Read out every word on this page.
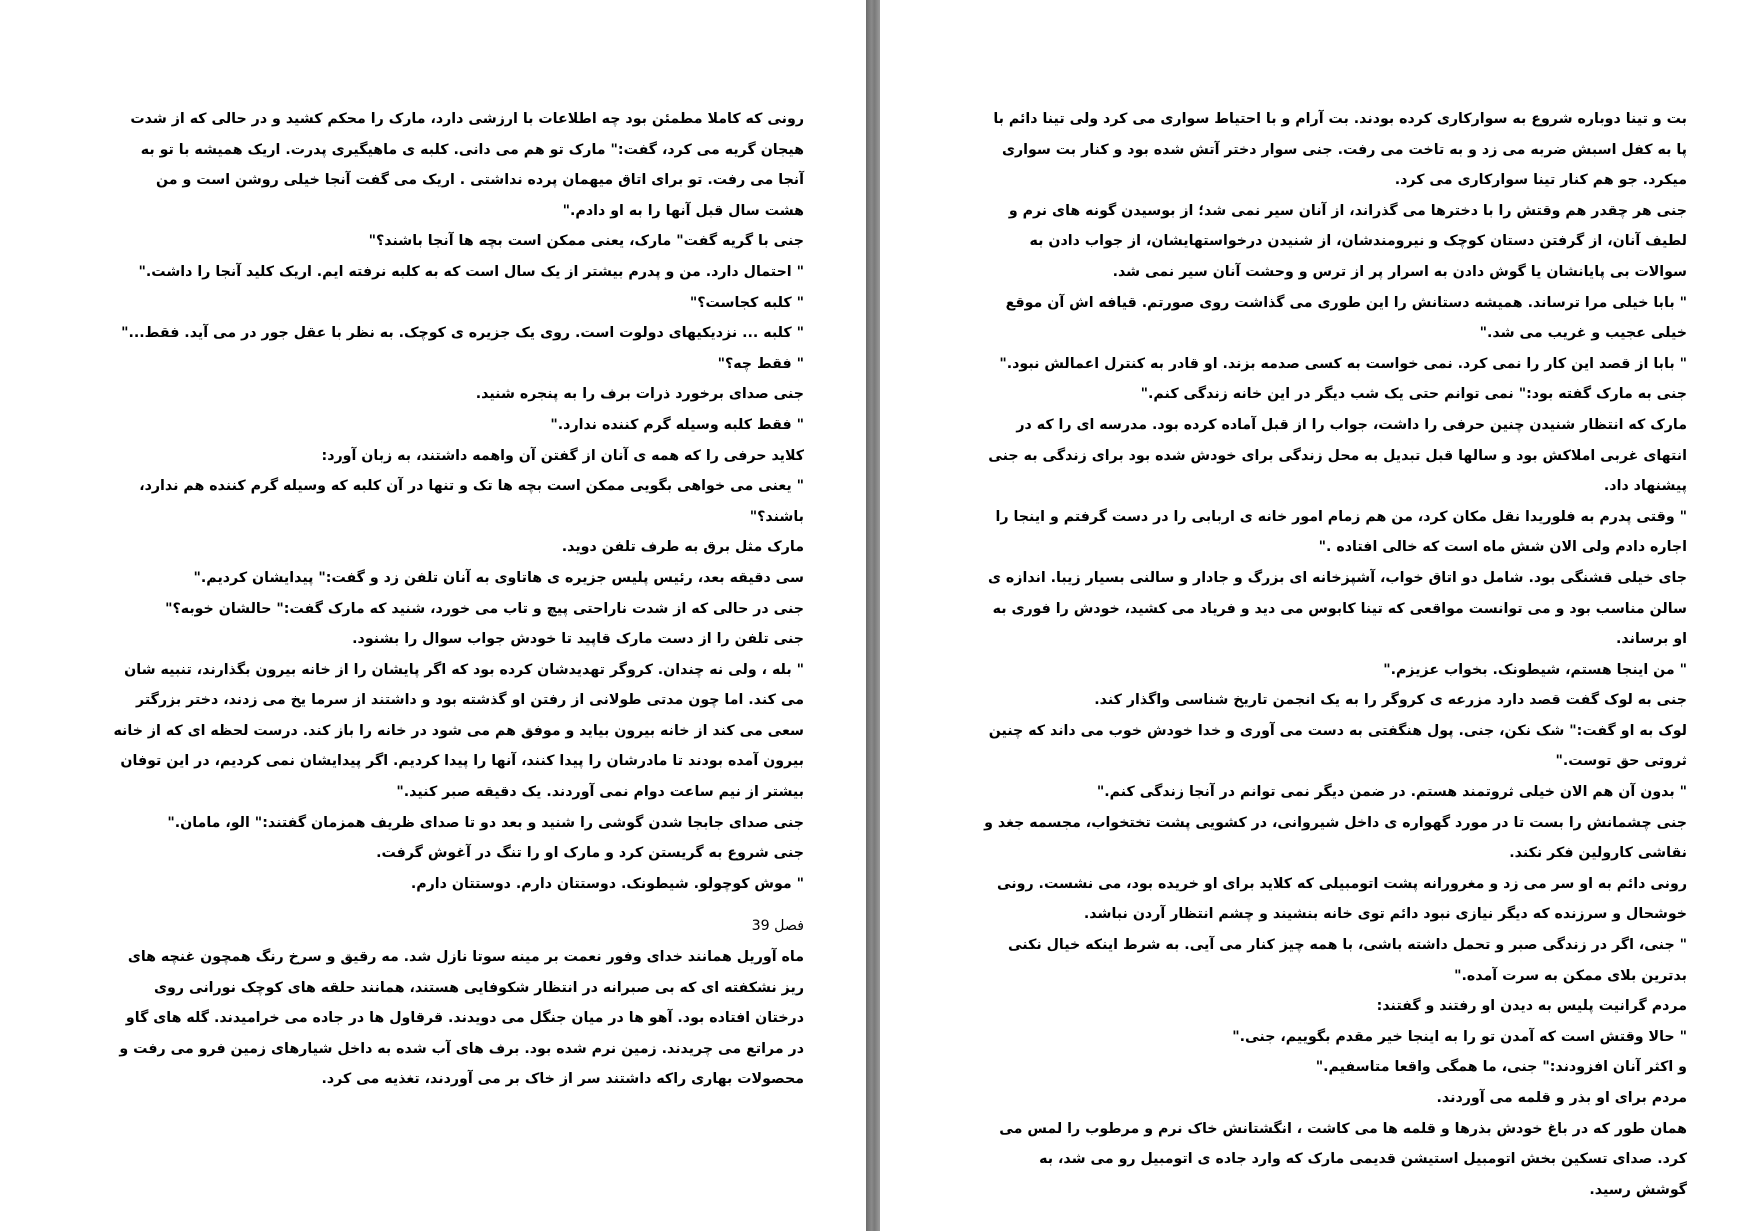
رونی که کاملا مطمئن بود چه اطلاعات با ارزشی دارد، مارک را محکم کشید و در حالی که از شدت هیجان گریه می کرد، گفت:" مارک تو هم می دانی. کلبه ی ماهیگیری پدرت. اریک همیشه با تو به آنجا می رفت. تو برای اتاق میهمان پرده نداشتی . اریک می گفت آنجا خیلی روشن است و من هشت سال قبل آنها را به او دادم."

جنی با گریه گفت" مارک، یعنی ممکن است بچه ها آنجا باشند؟"

" احتمال دارد. من و پدرم بیشتر از یک سال است که به کلبه نرفته ایم. اریک کلید آنجا را داشت."

" کلبه کجاست؟"

" کلبه ... نزدیکیهای دولوت است. روی یک جزیره ی کوچک. به نظر با عقل جور در می آید. فقط..."

" فقط چه؟"

جنی صدای برخورد ذرات برف را به پنجره شنید.

" فقط کلبه وسیله گرم کننده ندارد."

کلاید حرفی را که همه ی آنان از گفتن آن واهمه داشتند، به زبان آورد:

" یعنی می خواهی بگویی ممکن است بچه ها تک و تنها در آن کلبه که وسیله گرم کننده هم ندارد، باشند؟"

مارک مثل برق به طرف تلفن دوید.

سی دقیقه بعد، رئیس پلیس جزیره ی هاتاوی به آنان تلفن زد و گفت:" پیدایشان کردیم."

جنی در حالی که از شدت ناراحتی پیچ و تاب می خورد، شنید که مارک گفت:" حالشان خوبه؟"

جنی تلفن را از دست مارک قاپید تا خودش جواب سوال را بشنود.

" بله ، ولی نه چندان. کروگر تهدیدشان کرده بود که اگر پایشان را از خانه بیرون بگذارند، تنبیه شان می کند. اما چون مدتی طولانی از رفتن او گذشته بود و داشتند از سرما یخ می زدند، دختر بزرگتر سعی می کند از خانه بیرون بیاید و موفق هم می شود در خانه را باز کند. درست لحظه ای که از خانه بیرون آمده بودند تا مادرشان را پیدا کنند، آنها را پیدا کردیم. اگر پیدایشان نمی کردیم، در این توفان بیشتر از نیم ساعت دوام نمی آوردند. یک دقیقه صبر کنید."

جنی صدای جابجا شدن گوشی را شنید و بعد دو تا صدای ظریف همزمان گفتند:" الو، مامان."

جنی شروع به گریستن کرد و مارک او را تنگ در آغوش گرفت.

" موش کوچولو. شیطونک. دوستتان دارم. دوستتان دارم.

فصل 39

ماه آوریل همانند خدای وفور نعمت بر مینه سوتا نازل شد. مه رقیق و سرخ رنگ همچون غنچه های ریز نشکفته ای که بی صبرانه در انتظار شکوفایی هستند، همانند حلقه های کوچک نورانی روی درختان افتاده بود. آهو ها در میان جنگل می دویدند. قرقاول ها در جاده می خرامیدند. گله های گاو در مراتع می چریدند. زمین نرم شده بود. برف های آب شده به داخل شیارهای زمین فرو می رفت و محصولات بهاری راکه داشتند سر از خاک بر می آوردند، تغذیه می کرد.

بت و تینا دوباره شروع به سوارکاری کرده بودند. بت آرام و با احتیاط سواری می کرد ولی تینا دائم با پا به کفل اسبش ضربه می زد و به تاخت می رفت. جنی سوار دختر آتش شده بود و کنار بت سواری میکرد. جو هم کنار تینا سوارکاری می کرد.

جنی هر چقدر هم وقتش را با دخترها می گذراند، از آنان سیر نمی شد؛ از بوسیدن گونه های نرم و لطیف آنان، از گرفتن دستان کوچک و نیرومندشان، از شنیدن درخواستهایشان، از جواب دادن به سوالات بی پایانشان یا گوش دادن به اسرار پر از ترس و وحشت آنان سیر نمی شد.

" بابا خیلی مرا ترساند. همیشه دستانش را این طوری می گذاشت روی صورتم. قیافه اش آن موقع خیلی عجیب و غریب می شد."

" بابا از قصد این کار را نمی کرد. نمی خواست به کسی صدمه بزند. او قادر به کنترل اعمالش نبود."

جنی به مارک گفته بود:" نمی توانم حتی یک شب دیگر در این خانه زندگی کنم."

مارک که انتظار شنیدن چنین حرفی را داشت، جواب را از قبل آماده کرده بود. مدرسه ای را که در انتهای غربی املاکش بود و سالها قبل تبدیل به محل زندگی برای خودش شده بود برای زندگی به جنی پیشنهاد داد.

" وقتی پدرم به فلوریدا نقل مکان کرد، من هم زمام امور خانه ی اربابی را در دست گرفتم و اینجا را اجاره دادم ولی الان شش ماه است که خالی افتاده ."

جای خیلی قشنگی بود. شامل دو اتاق خواب، آشپزخانه ای بزرگ و جادار و سالنی بسیار زیبا. اندازه ی سالن مناسب بود و می توانست مواقعی که تینا کابوس می دید و فریاد می کشید، خودش را فوری به او برساند.

" من اینجا هستم، شیطونک. بخواب عزیزم."

جنی به لوک گفت قصد دارد مزرعه ی کروگر را به یک انجمن تاریخ شناسی واگذار کند.

لوک به او گفت:" شک نکن، جنی. پول هنگفتی به دست می آوری و خدا خودش خوب می داند که چنین ثروتی حق توست."

" بدون آن هم الان خیلی ثروتمند هستم. در ضمن دیگر نمی توانم در آنجا زندگی کنم."

جنی چشمانش را بست تا در مورد گهواره ی داخل شیروانی، در کشویی پشت تختخواب، مجسمه جغد و نقاشی کارولین فکر نکند.

رونی دائم به او سر می زد و مغرورانه پشت اتومبیلی که کلاید برای او خریده بود، می نشست. رونی خوشحال و سرزنده که دیگر نیازی نبود دائم توی خانه بنشیند و چشم انتظار آردن نباشد.

" جنی، اگر در زندگی صبر و تحمل داشته باشی، با همه چیز کنار می آیی. به شرط اینکه خیال نکنی بدترین بلای ممکن به سرت آمده."

مردم گرانیت پلیس به دیدن او رفتند و گفتند:

" حالا وقتش است که آمدن تو را به اینجا خیر مقدم بگوییم، جنی."

و اکثر آنان افزودند:" جنی، ما همگی واقعا متاسفیم."

مردم برای او بذر و قلمه می آوردند.

همان طور که در باغ خودش بذرها و قلمه ها می کاشت ، انگشتانش خاک نرم و مرطوب را لمس می کرد. صدای تسکین بخش اتومبیل استیشن قدیمی مارک که وارد جاده ی اتومبیل رو می شد، به گوشش رسید.
